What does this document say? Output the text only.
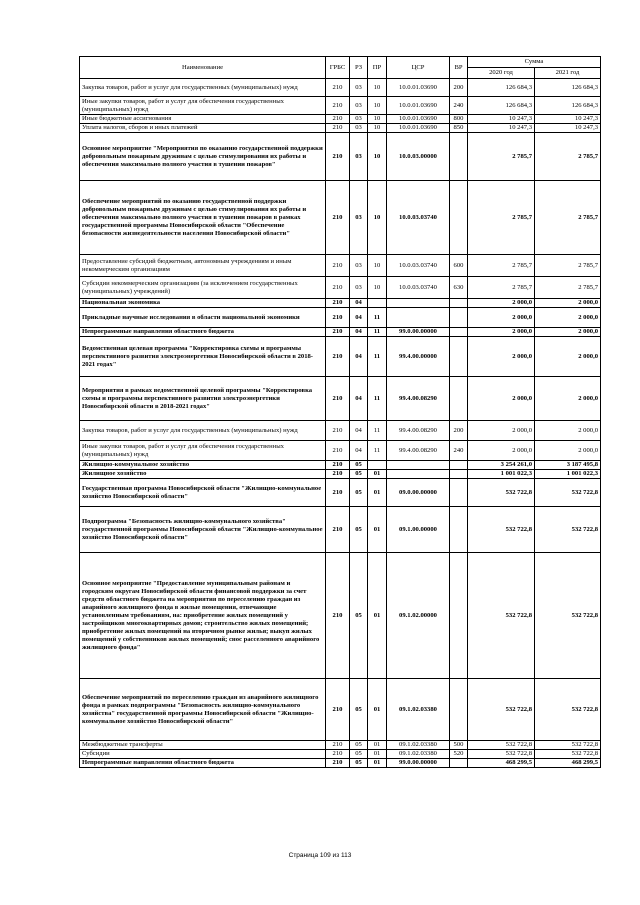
Наименование	ГРБС	РЗ	ПР	ЦСР	ВР	Сумма	
						2020 год	2021 год
Закупка товаров, работ и услуг для государственных (муниципальных) нужд	210	03	10	10.0.01.03690	200	126 684,3	126 684,3
Иные закупки товаров, работ и услуг для обеспечения государственных (муниципальных) нужд	210	03	10	10.0.01.03690	240	126 684,3	126 684,3
Иные бюджетные ассигнования	210	03	10	10.0.01.03690	800	10 247,3	10 247,3
Уплата налогов, сборов и иных платежей	210	03	10	10.0.01.03690	850	10 247,3	10 247,3
Основное мероприятие "Мероприятия по оказанию государственной поддержки добровольным пожарным дружинам с целью стимулирования их работы и обеспечения максимально полного участия в тушении пожаров"	210	03	10	10.0.03.00000		2 785,7	2 785,7
Обеспечение мероприятий по оказанию государственной поддержки добровольным пожарным дружинам с целью стимулирования их работы и обеспечения максимально полного участия в тушении пожаров в рамках государственной программы Новосибирской области "Обеспечение безопасности жизнедеятельности населения Новосибирской области"	210	03	10	10.0.03.03740		2 785,7	2 785,7
Предоставление субсидий бюджетным, автономным учреждениям и иным некоммерческим организациям	210	03	10	10.0.03.03740	600	2 785,7	2 785,7
Субсидии некоммерческим организациям (за исключением государственных (муниципальных) учреждений)	210	03	10	10.0.03.03740	630	2 785,7	2 785,7
Национальная экономика	210	04				2 000,0	2 000,0
Прикладные научные исследования в области национальной экономики	210	04	11			2 000,0	2 000,0
Непрограммные направления областного бюджета	210	04	11	99.0.00.00000		2 000,0	2 000,0
Ведомственная целевая программа "Корректировка схемы и программы перспективного развития электроэнергетики Новосибирской области в 2018-2021 годах"	210	04	11	99.4.00.00000		2 000,0	2 000,0
Мероприятия в рамках ведомственной целевой программы "Корректировка схемы и программы перспективного развития электроэнергетики Новосибирской области в 2018-2021 годах"	210	04	11	99.4.00.08290		2 000,0	2 000,0
Закупка товаров, работ и услуг для государственных (муниципальных) нужд	210	04	11	99.4.00.08290	200	2 000,0	2 000,0
Иные закупки товаров, работ и услуг для обеспечения государственных (муниципальных) нужд	210	04	11	99.4.00.08290	240	2 000,0	2 000,0
Жилищно-коммунальное хозяйство	210	05				3 254 261,0	3 187 495,8
Жилищное хозяйство	210	05	01			1 001 022,3	1 001 022,3
Государственная программа Новосибирской области "Жилищно-коммунальное хозяйство Новосибирской области"	210	05	01	09.0.00.00000		532 722,8	532 722,8
Подпрограмма "Безопасность жилищно-коммунального хозяйства" государственной программы Новосибирской области "Жилищно-коммунальное хозяйство Новосибирской области"	210	05	01	09.1.00.00000		532 722,8	532 722,8
Основное мероприятие "Предоставление муниципальным районам и городским округам Новосибирской области финансовой поддержки за счет средств областного бюджета на мероприятия по переселению граждан из аварийного жилищного фонда в жилые помещения, отвечающие установленным требованиям, на: приобретение жилых помещений у застройщиков многоквартирных домов; строительство жилых помещений; приобретение жилых помещений на вторичном рынке жилья; выкуп жилых помещений у собственников жилых помещений; снос расселенного аварийного жилищного фонда"	210	05	01	09.1.02.00000		532 722,8	532 722,8
Обеспечение мероприятий по переселению граждан из аварийного жилищного фонда в рамках подпрограммы "Безопасность жилищно-коммунального хозяйства" государственной программы Новосибирской области "Жилищно-коммунальное хозяйство Новосибирской области"	210	05	01	09.1.02.03380		532 722,8	532 722,8
Межбюджетные трансферты	210	05	01	09.1.02.03380	500	532 722,8	532 722,8
Субсидии	210	05	01	09.1.02.03380	520	532 722,8	532 722,8
Непрограммные направления областного бюджета	210	05	01	99.0.00.00000		468 299,5	468 299,5
Страница 109 из 113
